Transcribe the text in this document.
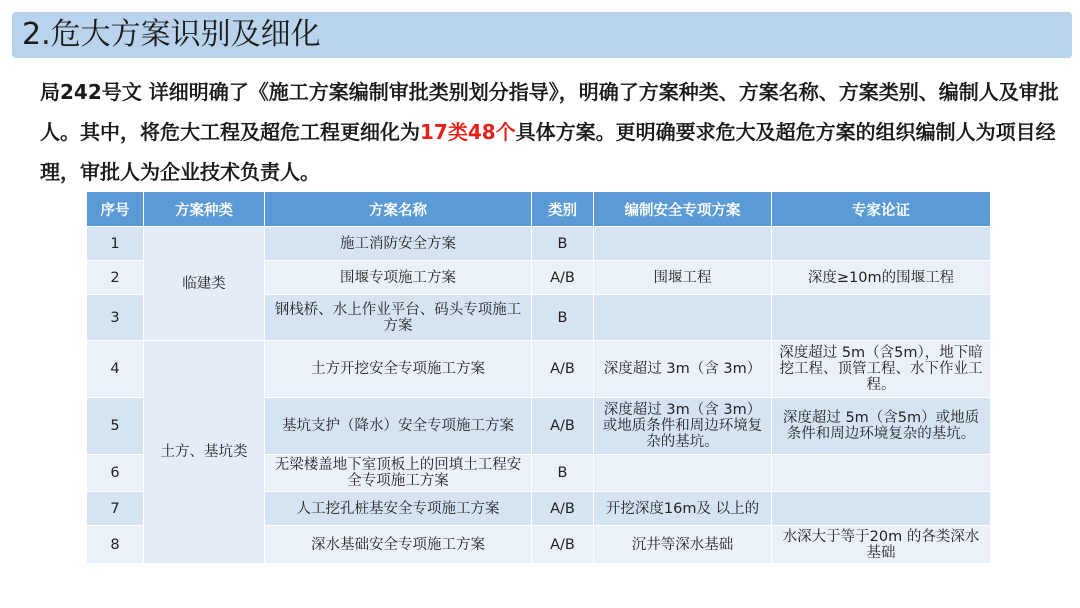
2.危大方案识别及细化
局242号文 详细明确了《施工方案编制审批类别划分指导》，明确了方案种类、方案名称、方案类别、编制人及审批人。其中，将危大工程及超危工程更细化为17类48个具体方案。更明确要求危大及超危方案的组织编制人为项目经理，审批人为企业技术负责人。
序号	方案种类	方案名称	类别	编制安全专项方案	专家论证
1	临建类	施工消防安全方案	B		
2		围堰专项施工方案	A/B	围堰工程	深度≥10m的围堰工程
3		钢栈桥、水上作业平台、码头专项施工方案	B		
4	土方、基坑类	土方开挖安全专项施工方案	A/B	深度超过 3m（含 3m）	深度超过 5m（含5m），地下暗挖工程、顶管工程、水下作业工程。
5		基坑支护（降水）安全专项施工方案	A/B	深度超过 3m（含 3m）或地质条件和周边环境复杂的基坑。	深度超过 5m（含5m）或地质条件和周边环境复杂的基坑。
6		无梁楼盖地下室顶板上的回填土工程安全专项施工方案	B		
7		人工挖孔桩基安全专项施工方案	A/B	开挖深度16m及 以上的	
8		深水基础安全专项施工方案	A/B	沉井等深水基础	水深大于等于20m 的各类深水基础
